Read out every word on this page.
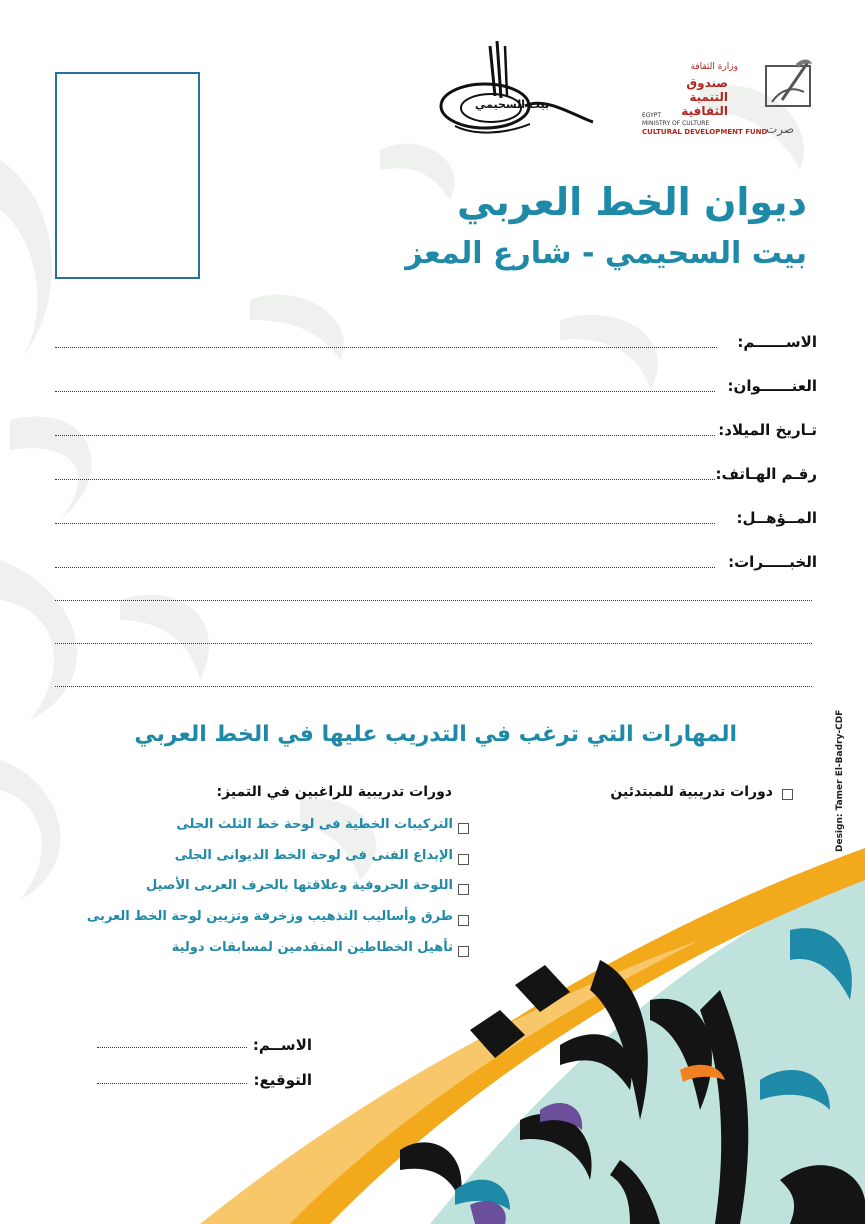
بيت السحيمي
وزارة الثقافة
صندوق
التنمية
الثقافية
EGYPT
MINISTRY OF CULTURE
CULTURAL DEVELOPMENT FUND
صرت
ديوان الخط العربي
بيت السحيمي - شارع المعز
الاســــــم:
العنــــــوان:
تـاريخ الميلاد:
رقـم الهـاتف:
المــؤهــل:
الخبـــــرات:
المهارات التي ترغب في التدريب عليها في الخط العربي
دورات تدريبية للمبتدئين
دورات تدريبية للراغبين في التميز:
التركيبات الخطية فى لوحة خط الثلث الجلى
الإبداع الفنى فى لوحة الخط الديوانى الجلى
اللوحة الحروفية وعلاقتها بالحرف العربى الأصيل
طرق وأساليب التذهيب وزخرفة وتزيين لوحة الخط العربى
تأهيل الخطاطين المتقدمين لمسابقات دولية
الاســم:
التوقيع:
Design: Tamer El-Badry-CDF
